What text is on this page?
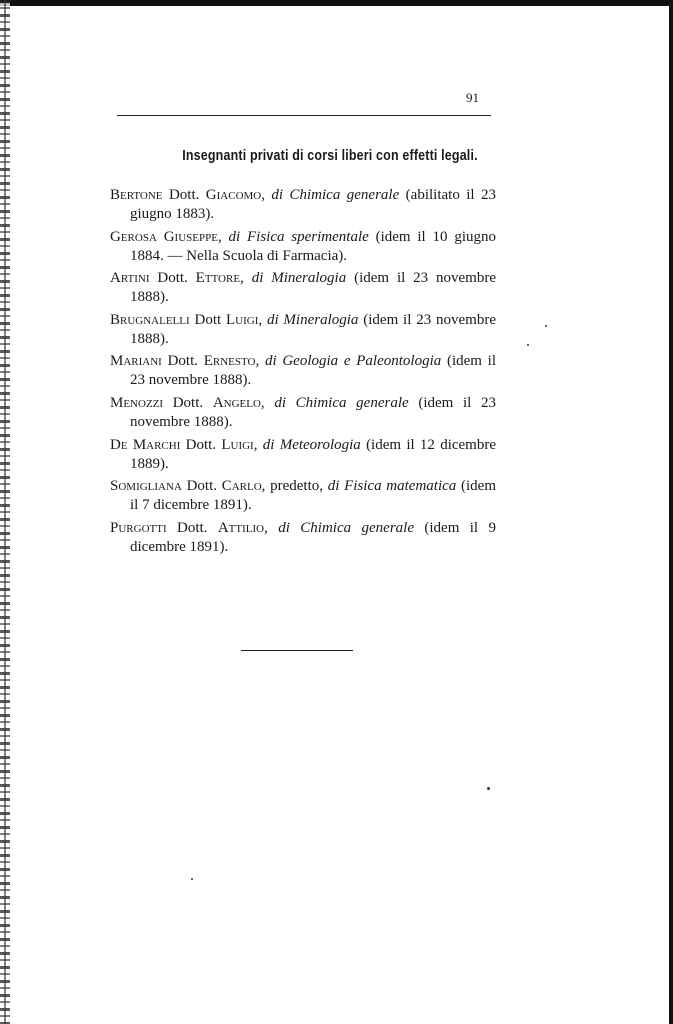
91
Insegnanti privati di corsi liberi con effetti legali.

Bertone Dott. Giacomo, di Chimica generale (abilitato il 23 giugno 1883).

Gerosa Giuseppe, di Fisica sperimentale (idem il 10 giugno 1884. — Nella Scuola di Farmacia).

Artini Dott. Ettore, di Mineralogia (idem il 23 novembre 1888).

Brugnalelli Dott Luigi, di Mineralogia (idem il 23 novembre 1888).

Mariani Dott. Ernesto, di Geologia e Paleontologia (idem il 23 novembre 1888).

Menozzi Dott. Angelo, di Chimica generale (idem il 23 novembre 1888).

De Marchi Dott. Luigi, di Meteorologia (idem il 12 dicembre 1889).

Somigliana Dott. Carlo, predetto, di Fisica matematica (idem il 7 dicembre 1891).

Purgotti Dott. Attilio, di Chimica generale (idem il 9 dicembre 1891).
